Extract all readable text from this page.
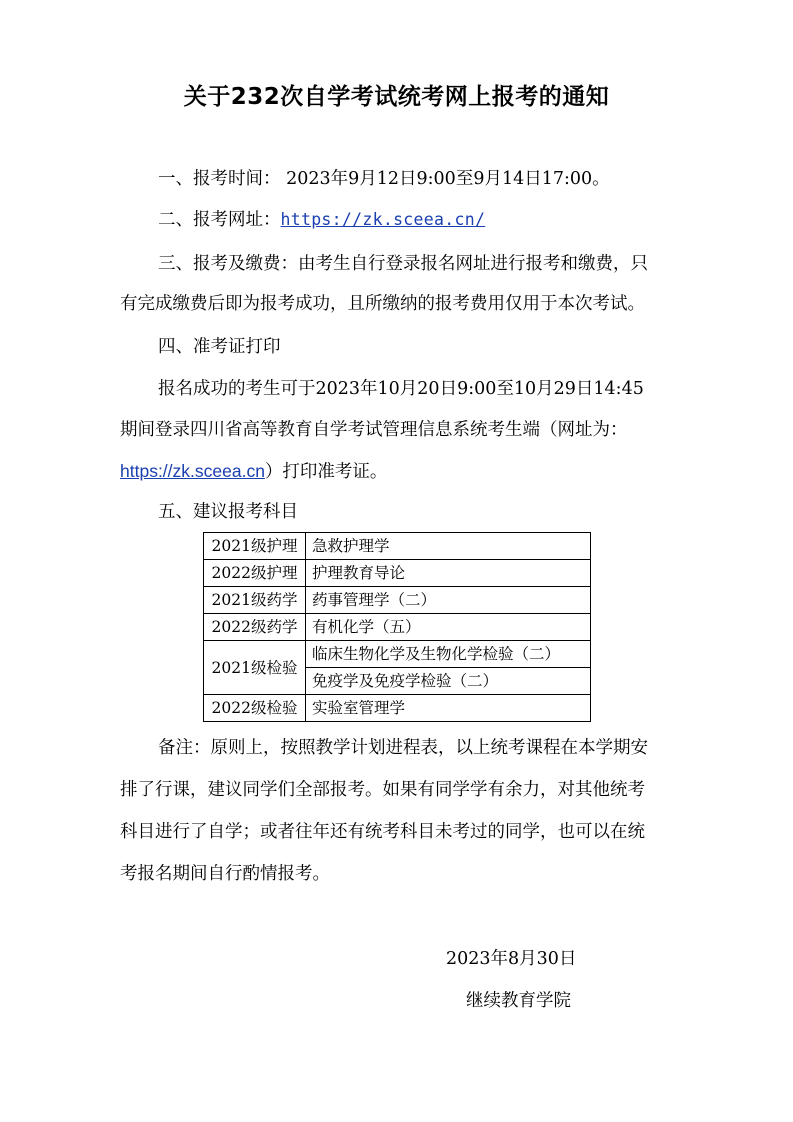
关于232次自学考试统考网上报考的通知
一、报考时间： 2023年9月12日9:00至9月14日17:00。
二、报考网址：https://zk.sceea.cn/
三、报考及缴费：由考生自行登录报名网址进行报考和缴费，只
有完成缴费后即为报考成功，且所缴纳的报考费用仅用于本次考试。
四、准考证打印
报名成功的考生可于2023年10月20日9:00至10月29日14:45
期间登录四川省高等教育自学考试管理信息系统考生端（网址为：
https://zk.sceea.cn）打印准考证。
五、建议报考科目
2021级护理	急救护理学
2022级护理	护理教育导论
2021级药学	药事管理学（二）
2022级药学	有机化学（五）
2021级检验	临床生物化学及生物化学检验（二）
	免疫学及免疫学检验（二）
2022级检验	实验室管理学
备注：原则上，按照教学计划进程表，以上统考课程在本学期安
排了行课，建议同学们全部报考。如果有同学学有余力，对其他统考
科目进行了自学；或者往年还有统考科目未考过的同学，也可以在统
考报名期间自行酌情报考。
2023年8月30日
继续教育学院
